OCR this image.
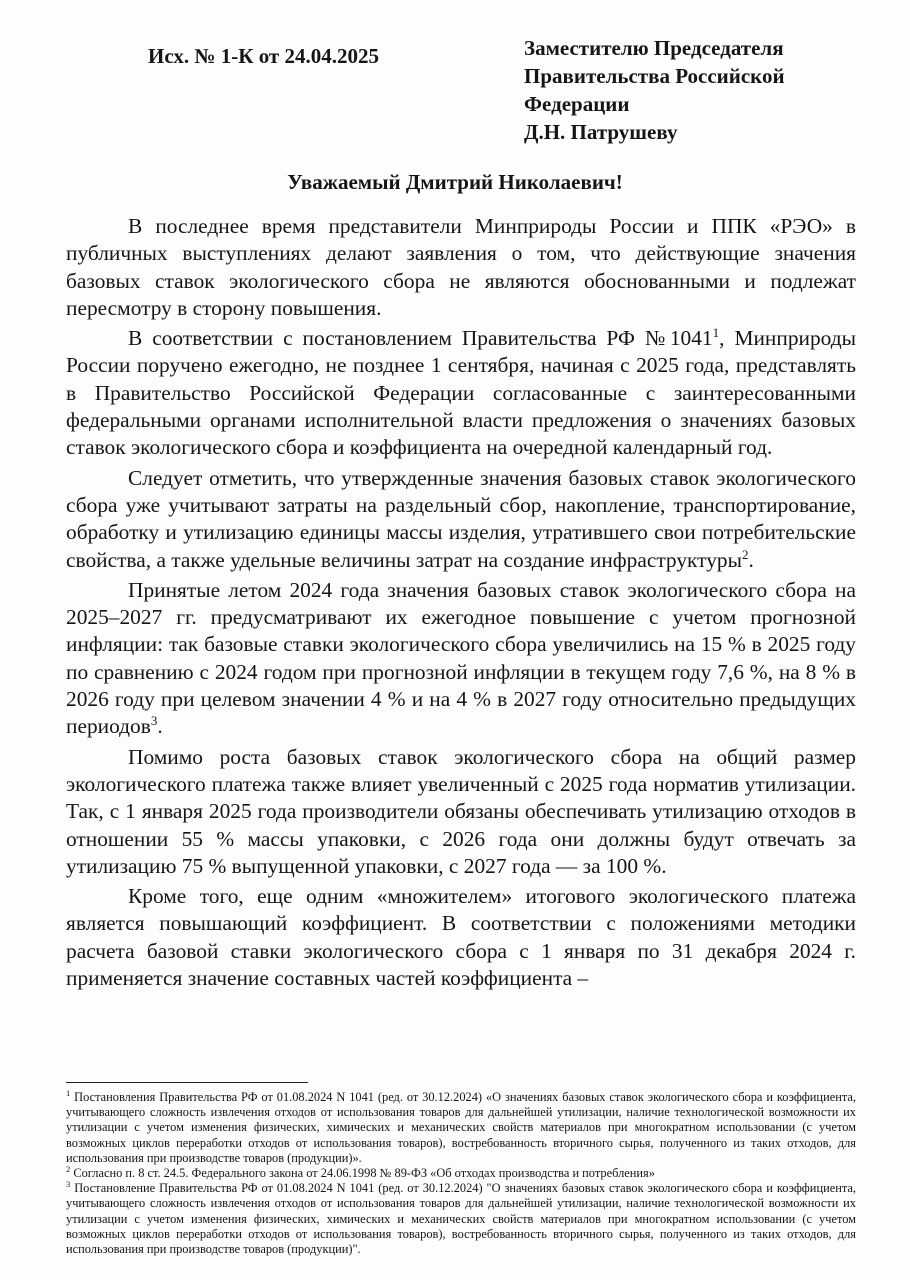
Исх. № 1-К от 24.04.2025	Заместителю Председателя
Правительства Российской
Федерации
Д.Н. Патрушеву
Уважаемый Дмитрий Николаевич!

В последнее время представители Минприроды России и ППК «РЭО» в публичных выступлениях делают заявления о том, что действующие значения базовых ставок экологического сбора не являются обоснованными и подлежат пересмотру в сторону повышения.

В соответствии с постановлением Правительства РФ №1041$^1$, Минприроды России поручено ежегодно, не позднее 1 сентября, начиная с 2025 года, представлять в Правительство Российской Федерации согласованные с заинтересованными федеральными органами исполнительной власти предложения о значениях базовых ставок экологического сбора и коэффициента на очередной календарный год.

Следует отметить, что утвержденные значения базовых ставок экологического сбора уже учитывают затраты на раздельный сбор, накопление, транспортирование, обработку и утилизацию единицы массы изделия, утратившего свои потребительские свойства, а также удельные величины затрат на создание инфраструктуры$^2$.

Принятые летом 2024 года значения базовых ставок экологического сбора на 2025–2027 гг. предусматривают их ежегодное повышение с учетом прогнозной инфляции: так базовые ставки экологического сбора увеличились на 15 % в 2025 году по сравнению с 2024 годом при прогнозной инфляции в текущем году 7,6 %, на 8 % в 2026 году при целевом значении 4 % и на 4 % в 2027 году относительно предыдущих периодов$^3$.

Помимо роста базовых ставок экологического сбора на общий размер экологического платежа также влияет увеличенный с 2025 года норматив утилизации. Так, с 1 января 2025 года производители обязаны обеспечивать утилизацию отходов в отношении 55 % массы упаковки, с 2026 года они должны будут отвечать за утилизацию 75 % выпущенной упаковки, с 2027 года — за 100 %.

Кроме того, еще одним «множителем» итогового экологического платежа является повышающий коэффициент. В соответствии с положениями методики расчета базовой ставки экологического сбора с 1 января по 31 декабря 2024 г. применяется значение составных частей коэффициента –

$^1$ Постановления Правительства РФ от 01.08.2024 N 1041 (ред. от 30.12.2024) «О значениях базовых ставок экологического сбора и коэффициента, учитывающего сложность извлечения отходов от использования товаров для дальнейшей утилизации, наличие технологической возможности их утилизации с учетом изменения физических, химических и механических свойств материалов при многократном использовании (с учетом возможных циклов переработки отходов от использования товаров), востребованность вторичного сырья, полученного из таких отходов, для использования при производстве товаров (продукции)».

$^2$ Согласно п. 8 ст. 24.5. Федерального закона от 24.06.1998 № 89-ФЗ «Об отходах производства и потребления»

$^3$ Постановление Правительства РФ от 01.08.2024 N 1041 (ред. от 30.12.2024) "О значениях базовых ставок экологического сбора и коэффициента, учитывающего сложность извлечения отходов от использования товаров для дальнейшей утилизации, наличие технологической возможности их утилизации с учетом изменения физических, химических и механических свойств материалов при многократном использовании (с учетом возможных циклов переработки отходов от использования товаров), востребованность вторичного сырья, полученного из таких отходов, для использования при производстве товаров (продукции)".
